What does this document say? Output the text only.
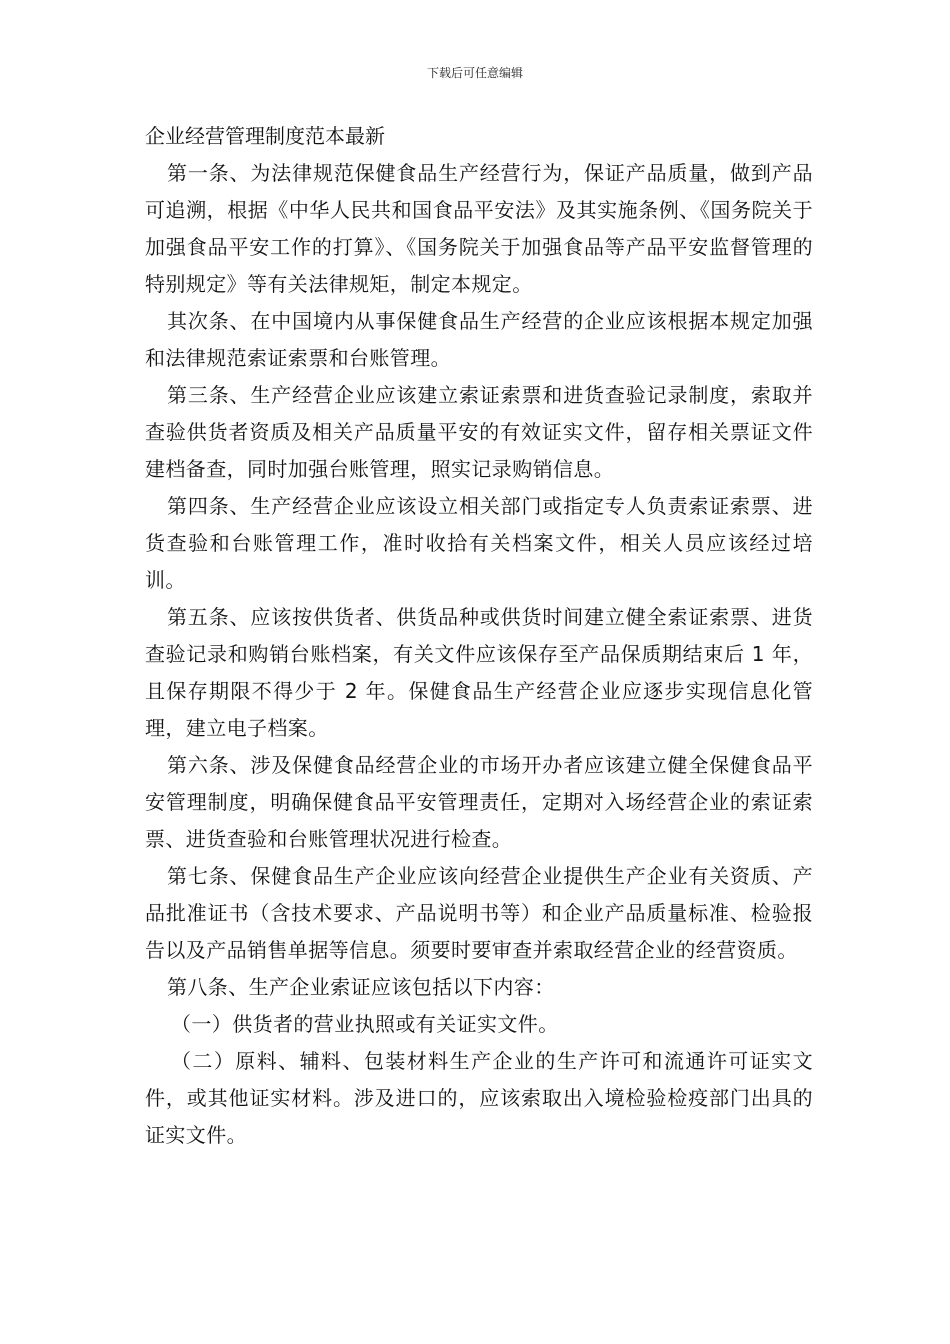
下载后可任意编辑

企业经营管理制度范本最新

第一条、为法律规范保健食品生产经营行为，保证产品质量，做到产品可追溯，根据《中华人民共和国食品平安法》及其实施条例、《国务院关于加强食品平安工作的打算》、《国务院关于加强食品等产品平安监督管理的特别规定》等有关法律规矩，制定本规定。

其次条、在中国境内从事保健食品生产经营的企业应该根据本规定加强和法律规范索证索票和台账管理。

第三条、生产经营企业应该建立索证索票和进货查验记录制度，索取并查验供货者资质及相关产品质量平安的有效证实文件，留存相关票证文件建档备查，同时加强台账管理，照实记录购销信息。

第四条、生产经营企业应该设立相关部门或指定专人负责索证索票、进货查验和台账管理工作，准时收拾有关档案文件，相关人员应该经过培训。

第五条、应该按供货者、供货品种或供货时间建立健全索证索票、进货查验记录和购销台账档案，有关文件应该保存至产品保质期结束后 1 年，且保存期限不得少于 2 年。保健食品生产经营企业应逐步实现信息化管理，建立电子档案。

第六条、涉及保健食品经营企业的市场开办者应该建立健全保健食品平安管理制度，明确保健食品平安管理责任，定期对入场经营企业的索证索票、进货查验和台账管理状况进行检查。

第七条、保健食品生产企业应该向经营企业提供生产企业有关资质、产品批准证书（含技术要求、产品说明书等）和企业产品质量标准、检验报告以及产品销售单据等信息。须要时要审查并索取经营企业的经营资质。

第八条、生产企业索证应该包括以下内容：

（一）供货者的营业执照或有关证实文件。

（二）原料、辅料、包装材料生产企业的生产许可和流通许可证实文件，或其他证实材料。涉及进口的，应该索取出入境检验检疫部门出具的证实文件。
